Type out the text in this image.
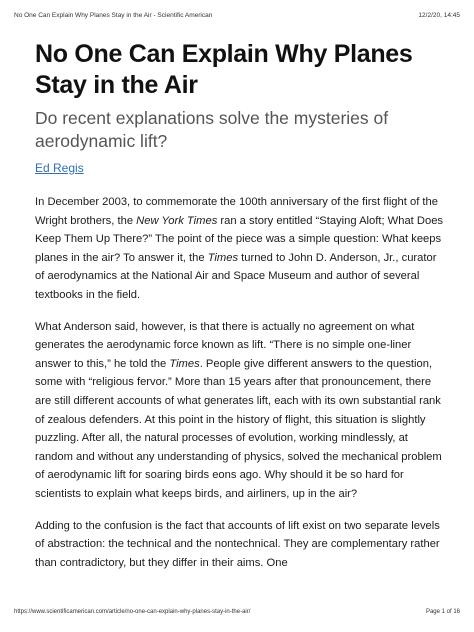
No One Can Explain Why Planes Stay in the Air - Scientific American	12/2/20, 14:45
No One Can Explain Why Planes Stay in the Air

Do recent explanations solve the mysteries of aerodynamic lift?

Ed Regis

In December 2003, to commemorate the 100th anniversary of the first flight of the Wright brothers, the New York Times ran a story entitled “Staying Aloft; What Does Keep Them Up There?” The point of the piece was a simple question: What keeps planes in the air? To answer it, the Times turned to John D. Anderson, Jr., curator of aerodynamics at the National Air and Space Museum and author of several textbooks in the field.

What Anderson said, however, is that there is actually no agreement on what generates the aerodynamic force known as lift. “There is no simple one-liner answer to this,” he told the Times. People give different answers to the question, some with “religious fervor.” More than 15 years after that pronouncement, there are still different accounts of what generates lift, each with its own substantial rank of zealous defenders. At this point in the history of flight, this situation is slightly puzzling. After all, the natural processes of evolution, working mindlessly, at random and without any understanding of physics, solved the mechanical problem of aerodynamic lift for soaring birds eons ago. Why should it be so hard for scientists to explain what keeps birds, and airliners, up in the air?

Adding to the confusion is the fact that accounts of lift exist on two separate levels of abstraction: the technical and the nontechnical. They are complementary rather than contradictory, but they differ in their aims. One

https://www.scientificamerican.com/article/no-one-can-explain-why-planes-stay-in-the-air/	Page 1 of 16
